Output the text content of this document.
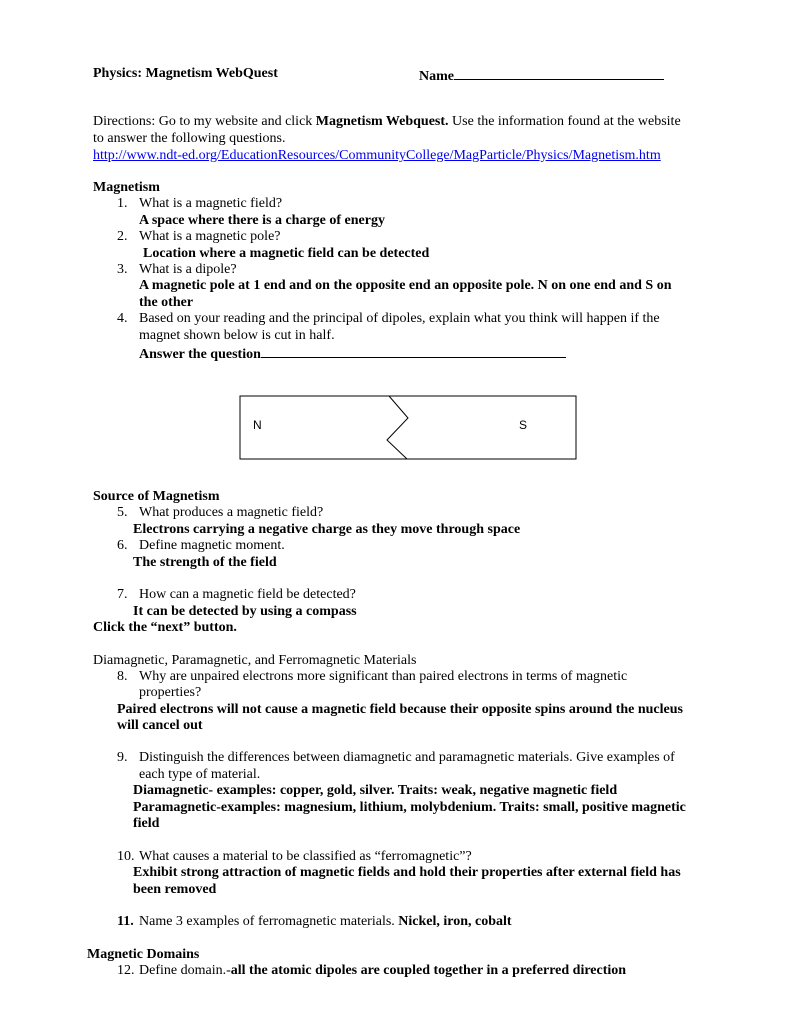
Physics: Magnetism WebQuest	Name
Directions: Go to my website and click Magnetism Webquest. Use the information found at the website
to answer the following questions.
http://www.ndt-ed.org/EducationResources/CommunityCollege/MagParticle/Physics/Magnetism.htm
Magnetism
1. What is a magnetic field?
A space where there is a charge of energy
2. What is a magnetic pole?
Location where a magnetic field can be detected
3. What is a dipole?
A magnetic pole at 1 end and on the opposite end an opposite pole. N on one end and S on
the other
4. Based on your reading and the principal of dipoles, explain what you think will happen if the
magnet shown below is cut in half.
Answer the question
N	S
Source of Magnetism
5. What produces a magnetic field?
Electrons carrying a negative charge as they move through space
6. Define magnetic moment.
The strength of the field
7. How can a magnetic field be detected?
It can be detected by using a compass
Click the “next” button.
Diamagnetic, Paramagnetic, and Ferromagnetic Materials
8. Why are unpaired electrons more significant than paired electrons in terms of magnetic
properties?
Paired electrons will not cause a magnetic field because their opposite spins around the nucleus
will cancel out
9. Distinguish the differences between diamagnetic and paramagnetic materials. Give examples of
each type of material.
Diamagnetic- examples: copper, gold, silver. Traits: weak, negative magnetic field
Paramagnetic-examples: magnesium, lithium, molybdenium. Traits: small, positive magnetic
field
10. What causes a material to be classified as “ferromagnetic”?
Exhibit strong attraction of magnetic fields and hold their properties after external field has
been removed
11. Name 3 examples of ferromagnetic materials. Nickel, iron, cobalt
Magnetic Domains
12. Define domain.-all the atomic dipoles are coupled together in a preferred direction
